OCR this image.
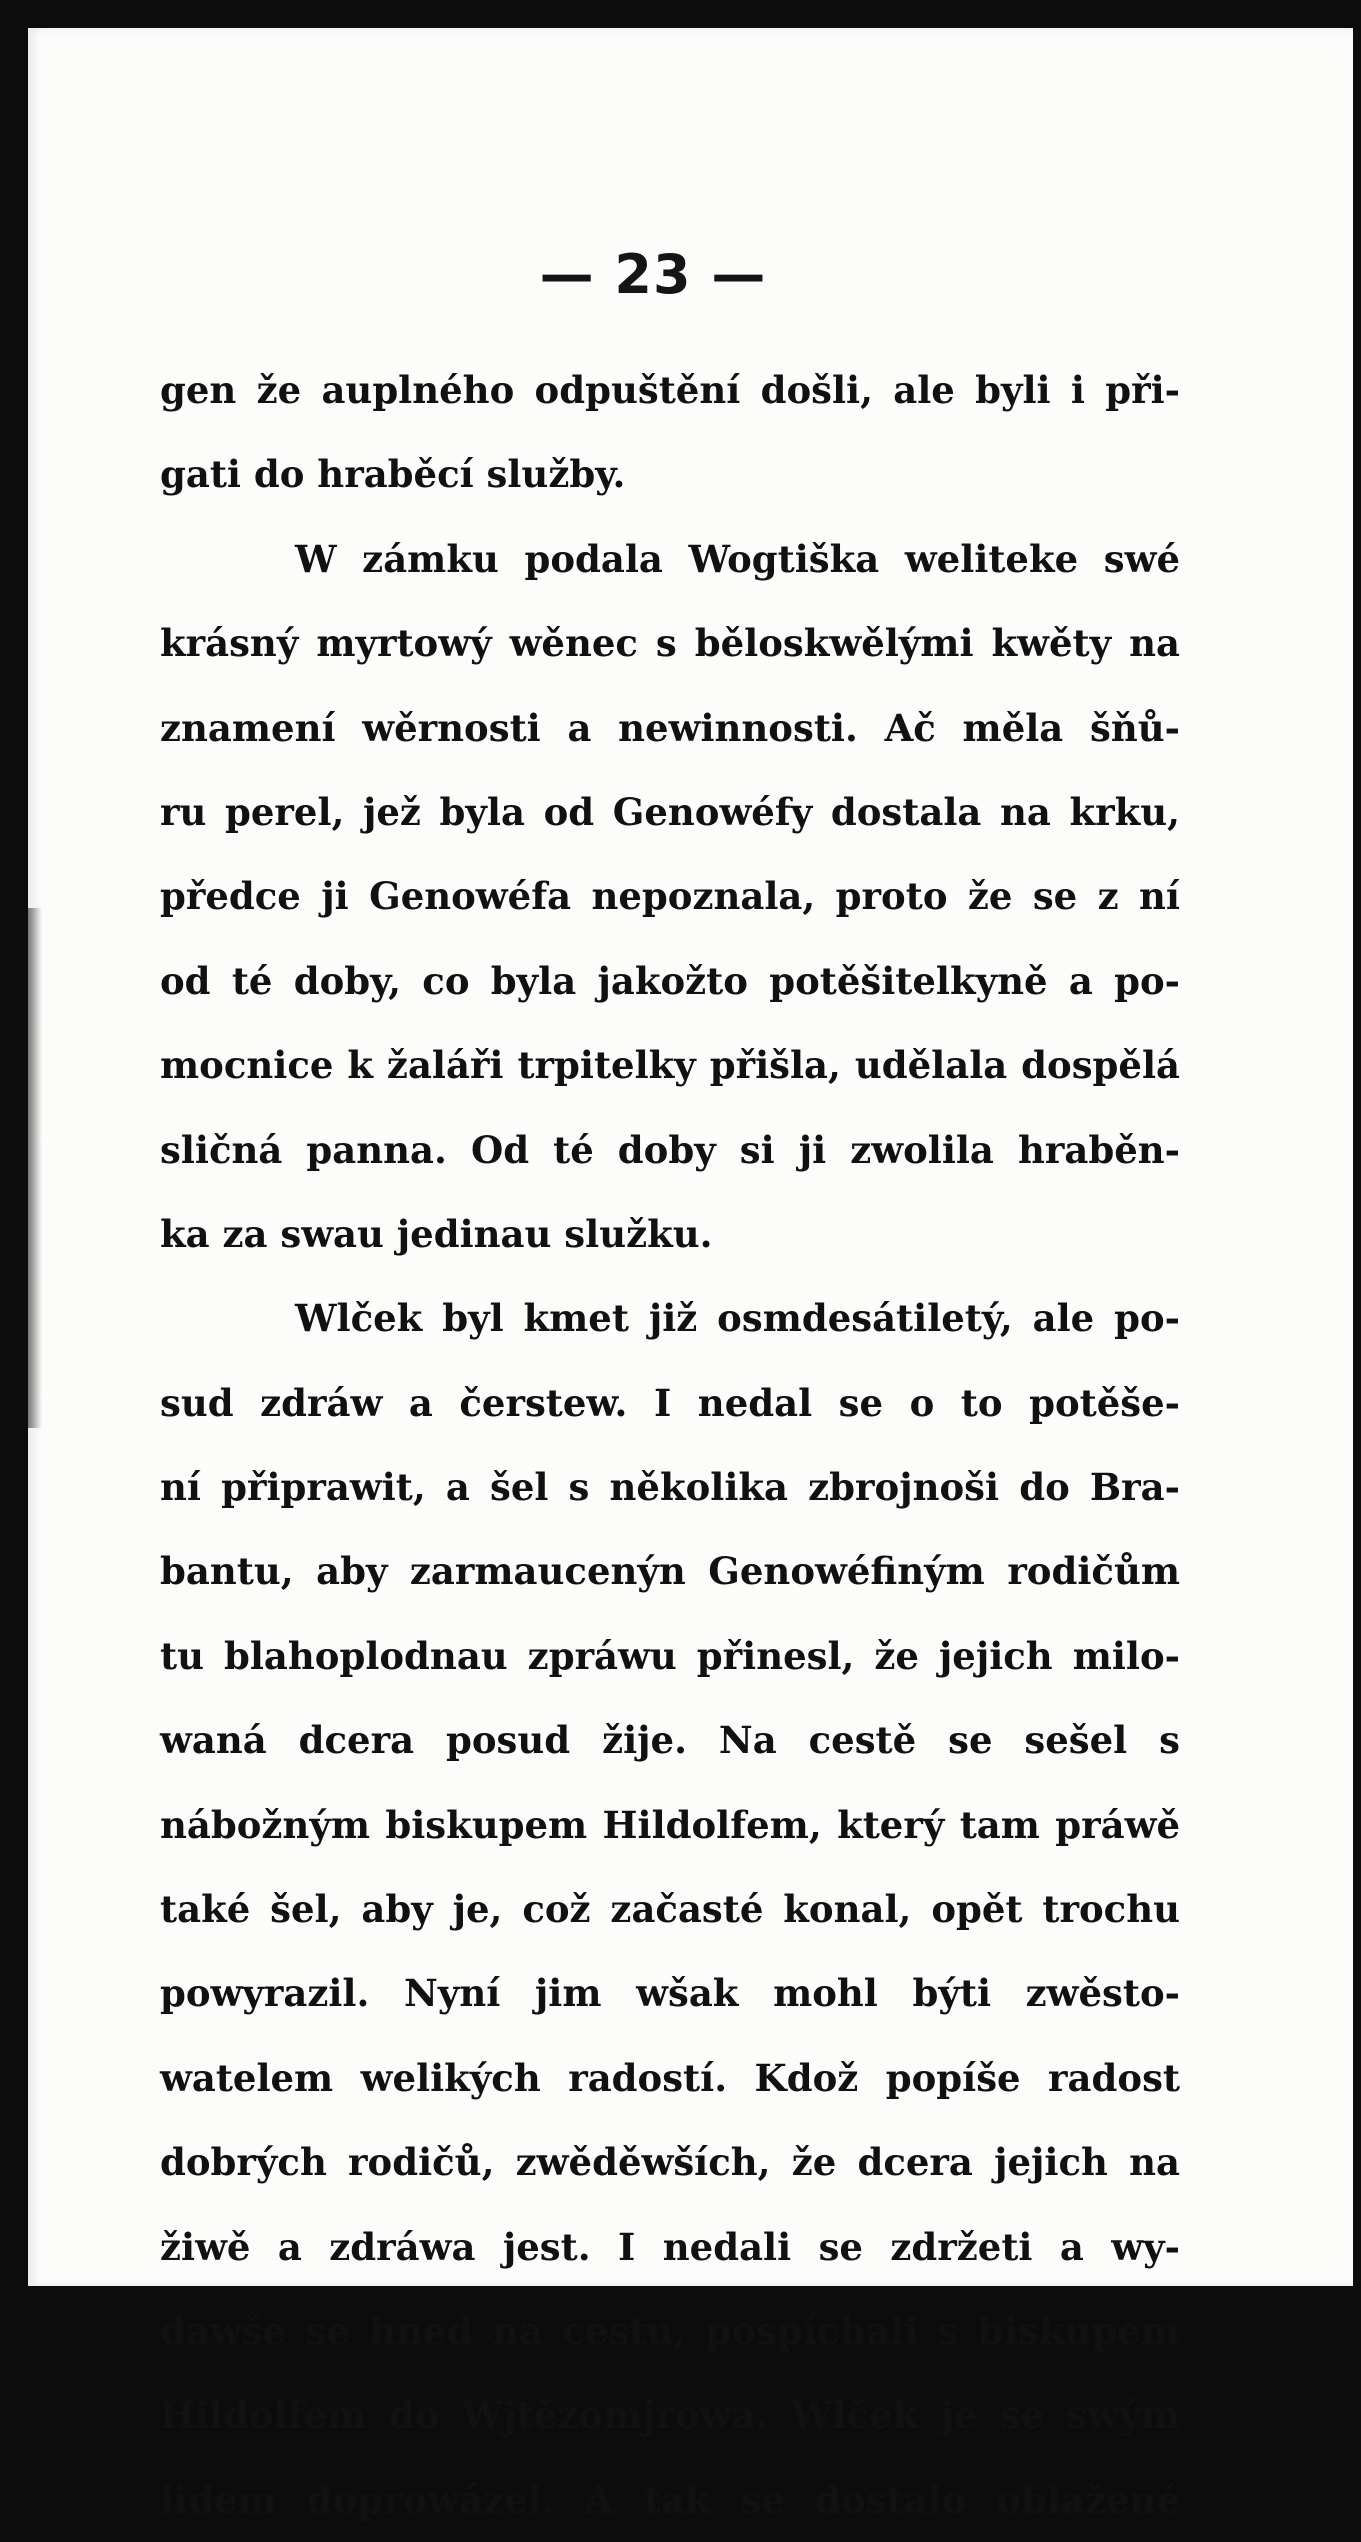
— 23 —
gen že auplného odpuštění došli, ale byli i při-
gati do hraběcí služby.
W zámku podala Wogtiška weliteke swé
krásný myrtowý wěnec s běloskwělými kwěty na
znamení wěrnosti a newinnosti. Ač měla šňů-
ru perel, jež byla od Genowéfy dostala na krku,
předce ji Genowéfa nepoznala, proto že se z ní
od té doby, co byla jakožto potěšitelkyně a po-
mocnice k žaláři trpitelky přišla, udělala dospělá
sličná panna. Od té doby si ji zwolila hraběn-
ka za swau jedinau služku.
Wlček byl kmet již osmdesátiletý, ale po-
sud zdráw a čerstew. I nedal se o to potěše-
ní připrawit, a šel s několika zbrojnoši do Bra-
bantu, aby zarmaucenýn Genowéfiným rodičům
tu blahoplodnau zpráwu přinesl, že jejich milo-
waná dcera posud žije. Na cestě se sešel s
nábožným biskupem Hildolfem, který tam práwě
také šel, aby je, což začasté konal, opět trochu
powyrazil. Nyní jim wšak mohl býti zwěsto-
watelem welikých radostí. Kdož popíše radost
dobrých rodičů, zwěděwších, že dcera jejich na
žiwě a zdráwa jest. I nedali se zdržeti a wy-
dawše se hned na cestu, pospíchali s biskupem
Hildolfem do Wjtězomjrowa. Wlček je se swým
lidem doprowázel. A tak se dostalo oblažené
